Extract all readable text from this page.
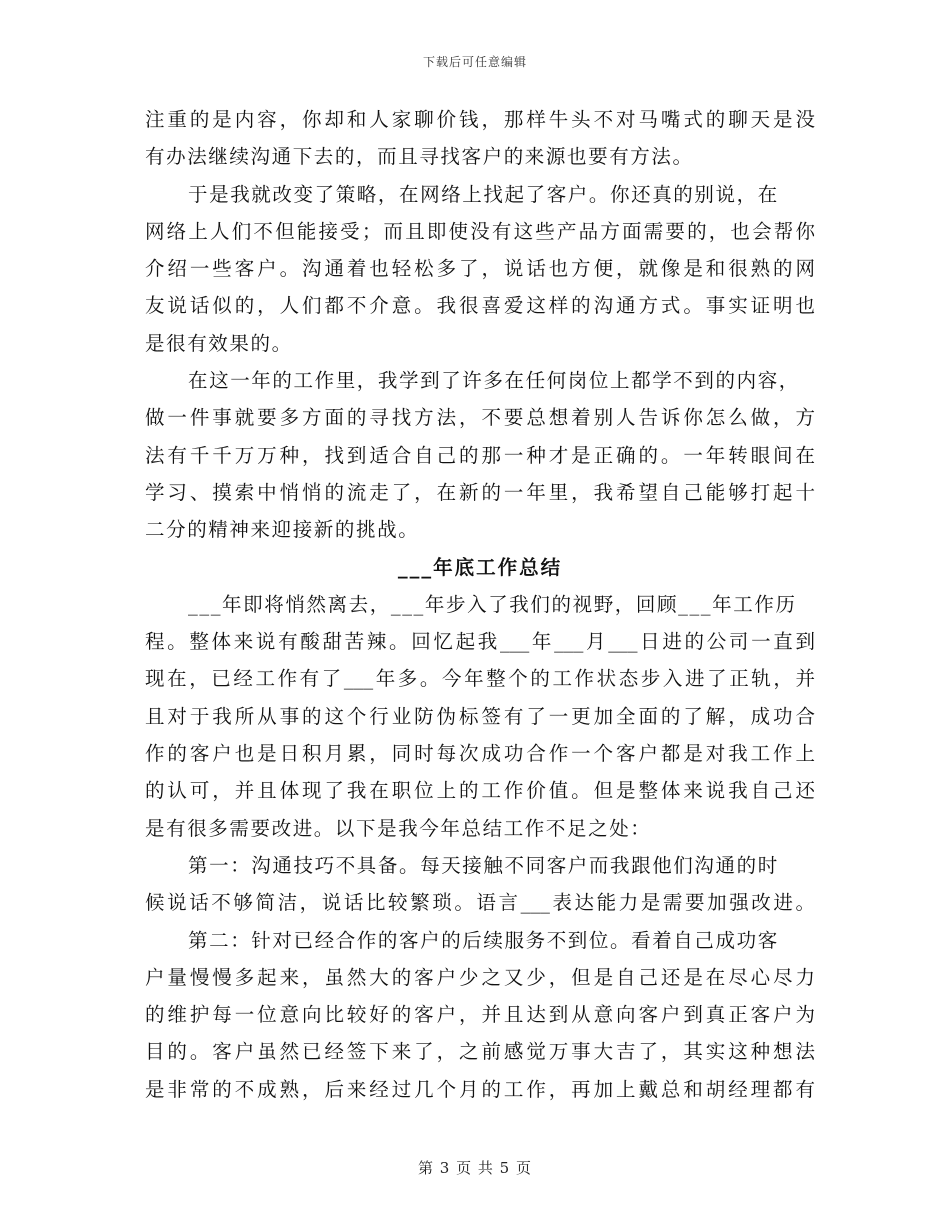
下载后可任意编辑
注重的是内容，你却和人家聊价钱，那样牛头不对马嘴式的聊天是没
有办法继续沟通下去的，而且寻找客户的来源也要有方法。
于是我就改变了策略，在网络上找起了客户。你还真的别说，在
网络上人们不但能接受；而且即使没有这些产品方面需要的，也会帮你
介绍一些客户。沟通着也轻松多了，说话也方便，就像是和很熟的网
友说话似的，人们都不介意。我很喜爱这样的沟通方式。事实证明也
是很有效果的。
在这一年的工作里，我学到了许多在任何岗位上都学不到的内容，
做一件事就要多方面的寻找方法，不要总想着别人告诉你怎么做，方
法有千千万万种，找到适合自己的那一种才是正确的。一年转眼间在
学习、摸索中悄悄的流走了，在新的一年里，我希望自己能够打起十
二分的精神来迎接新的挑战。
___年底工作总结
___年即将悄然离去，___年步入了我们的视野，回顾___年工作历
程。整体来说有酸甜苦辣。回忆起我___年___月___日进的公司一直到
现在，已经工作有了___年多。今年整个的工作状态步入进了正轨，并
且对于我所从事的这个行业防伪标签有了一更加全面的了解，成功合
作的客户也是日积月累，同时每次成功合作一个客户都是对我工作上
的认可，并且体现了我在职位上的工作价值。但是整体来说我自己还
是有很多需要改进。以下是我今年总结工作不足之处：
第一：沟通技巧不具备。每天接触不同客户而我跟他们沟通的时
候说话不够简洁，说话比较繁琐。语言___表达能力是需要加强改进。
第二：针对已经合作的客户的后续服务不到位。看着自己成功客
户量慢慢多起来，虽然大的客户少之又少，但是自己还是在尽心尽力
的维护每一位意向比较好的客户，并且达到从意向客户到真正客户为
目的。客户虽然已经签下来了，之前感觉万事大吉了，其实这种想法
是非常的不成熟，后来经过几个月的工作，再加上戴总和胡经理都有
第 3 页 共 5 页
